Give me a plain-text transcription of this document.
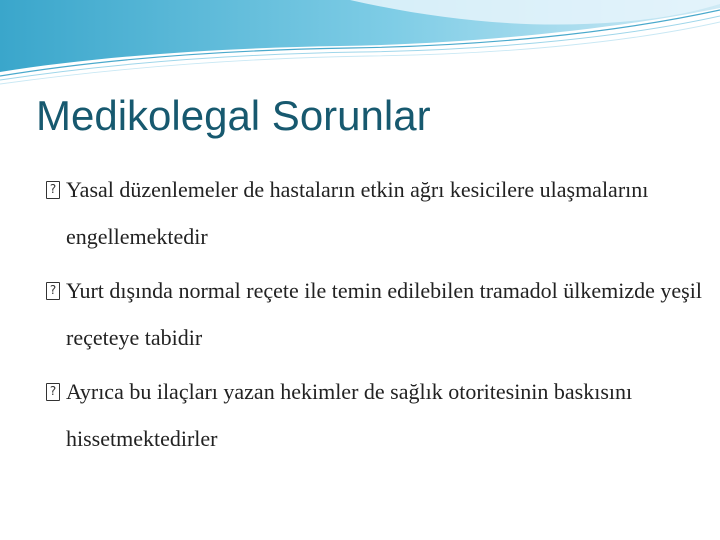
Medikolegal Sorunlar
? Yasal düzenlemeler de hastaların etkin ağrı kesicilere ulaşmalarını engellemektedir
? Yurt dışında normal reçete ile temin edilebilen tramadol ülkemizde yeşil reçeteye tabidir
? Ayrıca bu ilaçları yazan hekimler de sağlık otoritesinin baskısını hissetmektedirler
